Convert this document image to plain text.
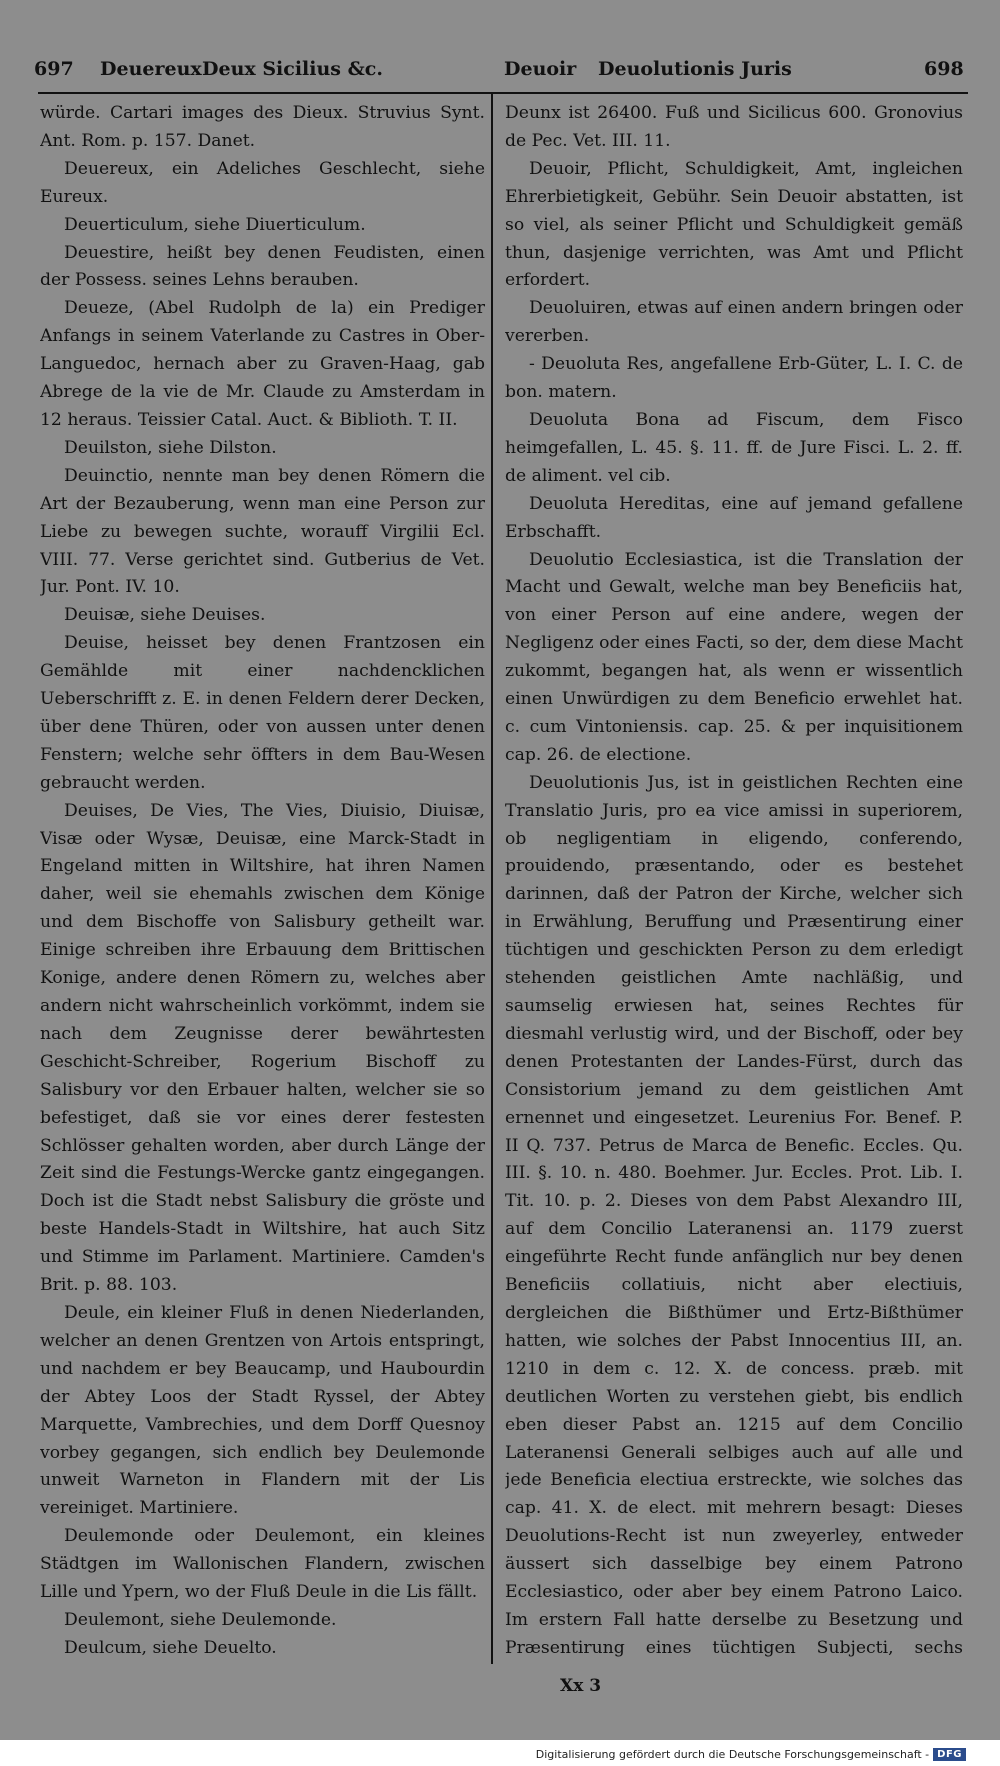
697 Deuereux Deux Sicilius &c.	Deuoir Deuolutionis Juris	698

würde. Cartari images des Dieux. Struvius Synt. Ant. Rom. p. 157. Danet.

Deuereux, ein Adeliches Geschlecht, siehe Eureux.

Deuerticulum, siehe Diuerticulum.

Deuestire, heißt bey denen Feudisten, einen der Possess. seines Lehns berauben.

Deueze, (Abel Rudolph de la) ein Prediger Anfangs in seinem Vaterlande zu Castres in Ober-Languedoc, hernach aber zu Graven-Haag, gab Abrege de la vie de Mr. Claude zu Amsterdam in 12 heraus. Teissier Catal. Auct. & Biblioth. T. II.

Deuilston, siehe Dilston.

Deuinctio, nennte man bey denen Römern die Art der Bezauberung, wenn man eine Person zur Liebe zu bewegen suchte, worauff Virgilii Ecl. VIII. 77. Verse gerichtet sind. Gutberius de Vet. Jur. Pont. IV. 10.

Deuisæ, siehe Deuises.

Deuise, heisset bey denen Frantzosen ein Gemählde mit einer nachdencklichen Ueberschrifft z. E. in denen Feldern derer Decken, über dene Thüren, oder von aussen unter denen Fenstern; welche sehr öffters in dem Bau-Wesen gebraucht werden.

Deuises, De Vies, The Vies, Diuisio, Diuisæ, Visæ oder Wysæ, Deuisæ, eine Marck-Stadt in Engeland mitten in Wiltshire, hat ihren Namen daher, weil sie ehemahls zwischen dem Könige und dem Bischoffe von Salisbury getheilt war. Einige schreiben ihre Erbauung dem Brittischen Konige, andere denen Römern zu, welches aber andern nicht wahrscheinlich vorkömmt, indem sie nach dem Zeugnisse derer bewährtesten Geschicht-Schreiber, Rogerium Bischoff zu Salisbury vor den Erbauer halten, welcher sie so befestiget, daß sie vor eines derer festesten Schlösser gehalten worden, aber durch Länge der Zeit sind die Festungs-Wercke gantz eingegangen. Doch ist die Stadt nebst Salisbury die gröste und beste Handels-Stadt in Wiltshire, hat auch Sitz und Stimme im Parlament. Martiniere. Camden's Brit. p. 88. 103.

Deule, ein kleiner Fluß in denen Niederlanden, welcher an denen Grentzen von Artois entspringt, und nachdem er bey Beaucamp, und Haubourdin der Abtey Loos der Stadt Ryssel, der Abtey Marquette, Vambrechies, und dem Dorff Quesnoy vorbey gegangen, sich endlich bey Deulemonde unweit Warneton in Flandern mit der Lis vereiniget. Martiniere.

Deulemonde oder Deulemont, ein kleines Städtgen im Wallonischen Flandern, zwischen Lille und Ypern, wo der Fluß Deule in die Lis fällt.

Deulemont, siehe Deulemonde.

Deulcum, siehe Deuelto.

Deunx ist 26400. Fuß und Sicilicus 600. Gronovius de Pec. Vet. III. 11.

Deuoir, Pflicht, Schuldigkeit, Amt, ingleichen Ehrerbietigkeit, Gebühr. Sein Deuoir abstatten, ist so viel, als seiner Pflicht und Schuldigkeit gemäß thun, dasjenige verrichten, was Amt und Pflicht erfordert.

Deuoluiren, etwas auf einen andern bringen oder vererben.

- Deuoluta Res, angefallene Erb-Güter, L. I. C. de bon. matern.

Deuoluta Bona ad Fiscum, dem Fisco heimgefallen, L. 45. §. 11. ff. de Jure Fisci. L. 2. ff. de aliment. vel cib.

Deuoluta Hereditas, eine auf jemand gefallene Erbschafft.

Deuolutio Ecclesiastica, ist die Translation der Macht und Gewalt, welche man bey Beneficiis hat, von einer Person auf eine andere, wegen der Negligenz oder eines Facti, so der, dem diese Macht zukommt, begangen hat, als wenn er wissentlich einen Unwürdigen zu dem Beneficio erwehlet hat. c. cum Vintoniensis. cap. 25. & per inquisitionem cap. 26. de electione.

Deuolutionis Jus, ist in geistlichen Rechten eine Translatio Juris, pro ea vice amissi in superiorem, ob negligentiam in eligendo, conferendo, prouidendo, præsentando, oder es bestehet darinnen, daß der Patron der Kirche, welcher sich in Erwählung, Beruffung und Præsentirung einer tüchtigen und geschickten Person zu dem erledigt stehenden geistlichen Amte nachläßig, und saumselig erwiesen hat, seines Rechtes für diesmahl verlustig wird, und der Bischoff, oder bey denen Protestanten der Landes-Fürst, durch das Consistorium jemand zu dem geistlichen Amt ernennet und eingesetzet. Leurenius For. Benef. P. II Q. 737. Petrus de Marca de Benefic. Eccles. Qu. III. §. 10. n. 480. Boehmer. Jur. Eccles. Prot. Lib. I. Tit. 10. p. 2. Dieses von dem Pabst Alexandro III, auf dem Concilio Lateranensi an. 1179 zuerst eingeführte Recht funde anfänglich nur bey denen Beneficiis collatiuis, nicht aber electiuis, dergleichen die Bißthümer und Ertz-Bißthümer hatten, wie solches der Pabst Innocentius III, an. 1210 in dem c. 12. X. de concess. præb. mit deutlichen Worten zu verstehen giebt, bis endlich eben dieser Pabst an. 1215 auf dem Concilio Lateranensi Generali selbiges auch auf alle und jede Beneficia electiua erstreckte, wie solches das cap. 41. X. de elect. mit mehrern besagt: Dieses Deuolutions-Recht ist nun zweyerley, entweder äussert sich dasselbige bey einem Patrono Ecclesiastico, oder aber bey einem Patrono Laico. Im erstern Fall hatte derselbe zu Besetzung und Præsentirung eines tüchtigen Subjecti, sechs

Xx 3
Digitalisierung gefördert durch die Deutsche Forschungsgemeinschaft - DFG
